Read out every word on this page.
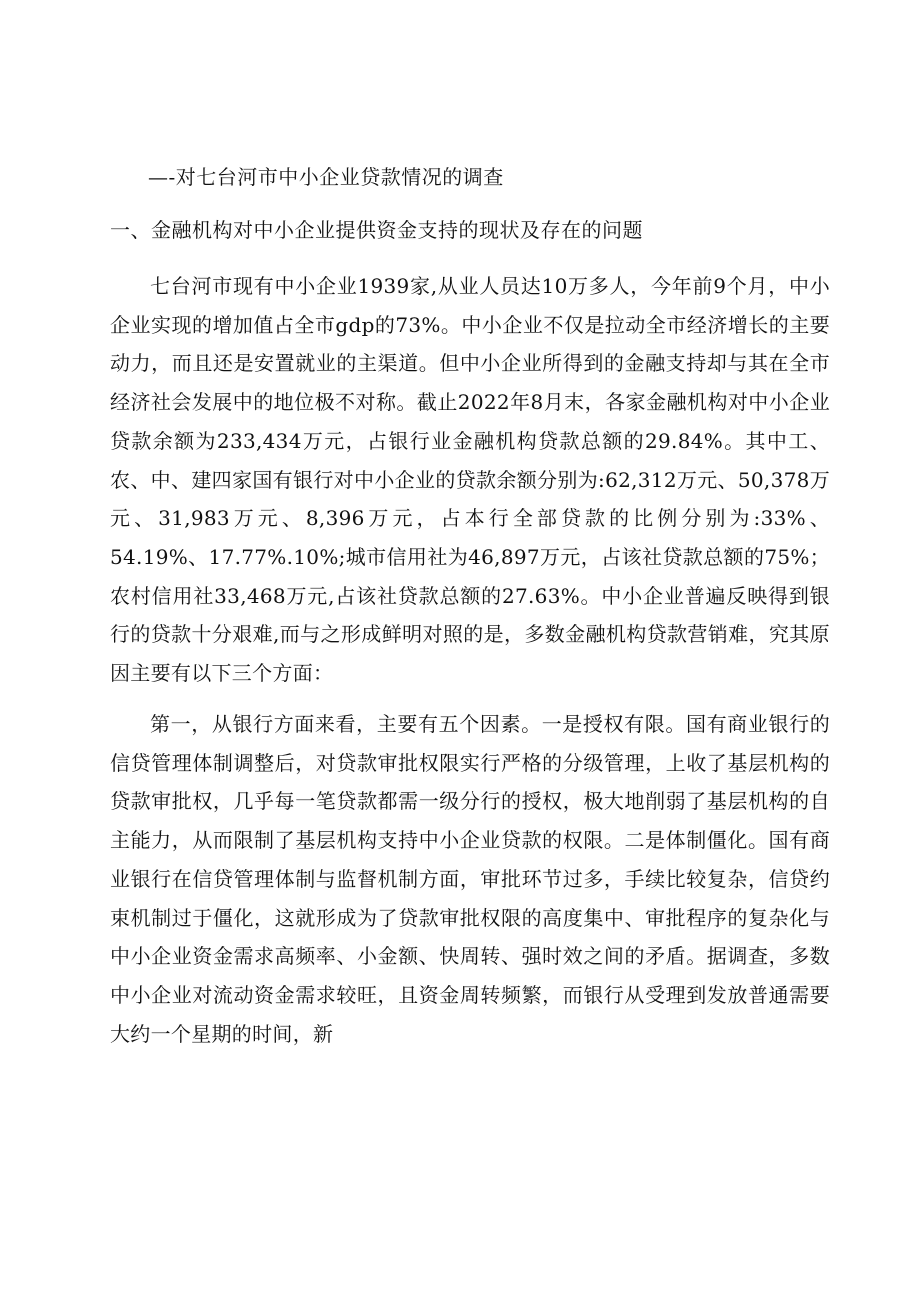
—-对七台河市中小企业贷款情况的调查
一、金融机构对中小企业提供资金支持的现状及存在的问题

七台河市现有中小企业1939家,从业人员达10万多人，今年前9个月，中小企业实现的增加值占全市gdp的73%。中小企业不仅是拉动全市经济增长的主要动力，而且还是安置就业的主渠道。但中小企业所得到的金融支持却与其在全市经济社会发展中的地位极不对称。截止2022年8月末，各家金融机构对中小企业贷款余额为233,434万元，占银行业金融机构贷款总额的29.84%。其中工、农、中、建四家国有银行对中小企业的贷款余额分别为:62,312万元、50,378万元、31,983万元、8,396万元，占本行全部贷款的比例分别为:33%、54.19%、17.77%.10%;城市信用社为46,897万元，占该社贷款总额的75%；农村信用社33,468万元,占该社贷款总额的27.63%。中小企业普遍反映得到银行的贷款十分艰难,而与之形成鲜明对照的是，多数金融机构贷款营销难，究其原因主要有以下三个方面：

第一，从银行方面来看，主要有五个因素。一是授权有限。国有商业银行的信贷管理体制调整后，对贷款审批权限实行严格的分级管理，上收了基层机构的贷款审批权，几乎每一笔贷款都需一级分行的授权，极大地削弱了基层机构的自主能力，从而限制了基层机构支持中小企业贷款的权限。二是体制僵化。国有商业银行在信贷管理体制与监督机制方面，审批环节过多，手续比较复杂，信贷约束机制过于僵化，这就形成为了贷款审批权限的高度集中、审批程序的复杂化与中小企业资金需求高频率、小金额、快周转、强时效之间的矛盾。据调查，多数中小企业对流动资金需求较旺，且资金周转频繁，而银行从受理到发放普通需要大约一个星期的时间，新
